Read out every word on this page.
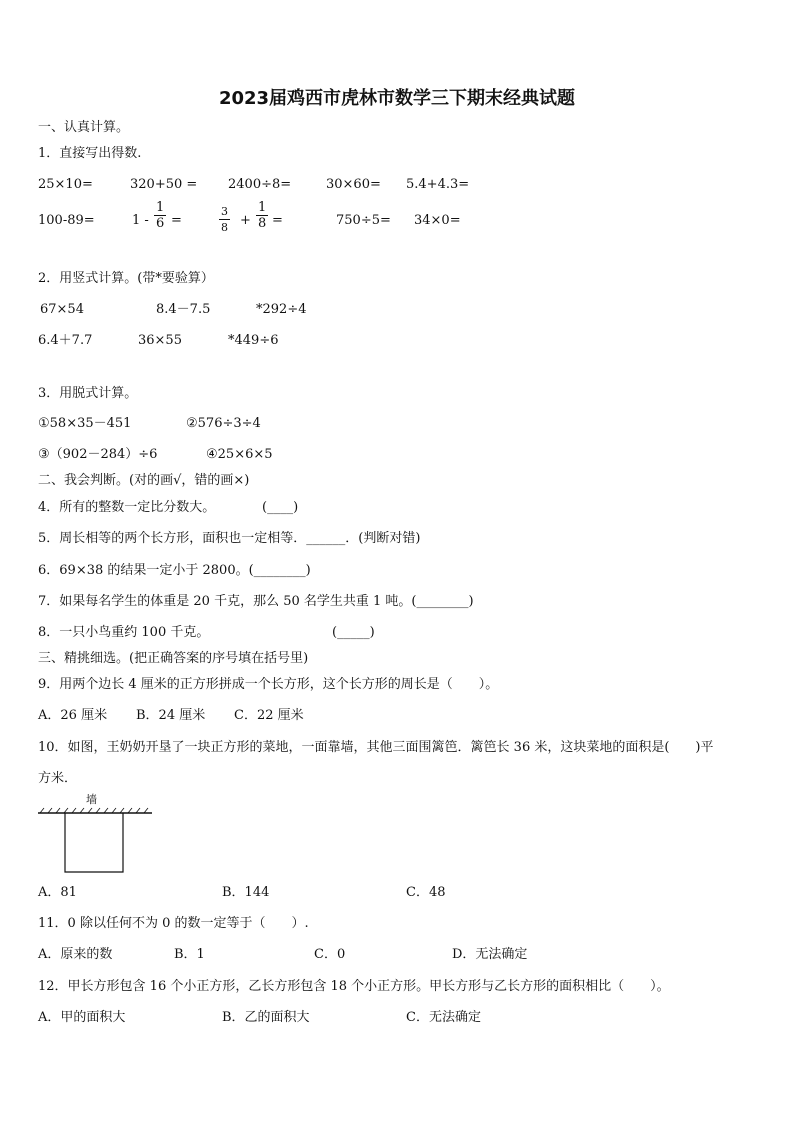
2023届鸡西市虎林市数学三下期末经典试题
一、认真计算。
1．直接写出得数.
25×10=	320+50 = 2400÷8=	30×60= 5.4+4.3=
100-89=	$1 - \frac{1}{6}$ =	$\frac{3}{8} + \frac{1}{8}$ =	750÷5= 34×0=
2．用竖式计算。(带*要验算）
67×54	8.4－7.5	*292÷4
6.4＋7.7	36×55	*449÷6
3．用脱式计算。
①58×35－451	②576÷3÷4
③（902－284）÷6	④25×6×5
二、我会判断。(对的画√，错的画×)
4．所有的整数一定比分数大。	(____)
5．周长相等的两个长方形，面积也一定相等．______．(判断对错)
6．69×38 的结果一定小于 2800。(________)
7．如果每名学生的体重是 20 千克，那么 50 名学生共重 1 吨。(________)
8．一只小鸟重约 100 千克。	(_____)
三、精挑细选。(把正确答案的序号填在括号里)
9．用两个边长 4 厘米的正方形拼成一个长方形，这个长方形的周长是（　　）。
A．26 厘米 B．24 厘米 C．22 厘米
10．如图，王奶奶开垦了一块正方形的菜地，一面靠墙，其他三面围篱笆．篱笆长 36 米，这块菜地的面积是(　　)平
方米．
墙
A．81	B．144	C．48
11．0 除以任何不为 0 的数一定等于（　　）.
A．原来的数	B．1	C．0	D．无法确定
12．甲长方形包含 16 个小正方形，乙长方形包含 18 个小正方形。甲长方形与乙长方形的面积相比（　　）。
A．甲的面积大	B．乙的面积大	C．无法确定
